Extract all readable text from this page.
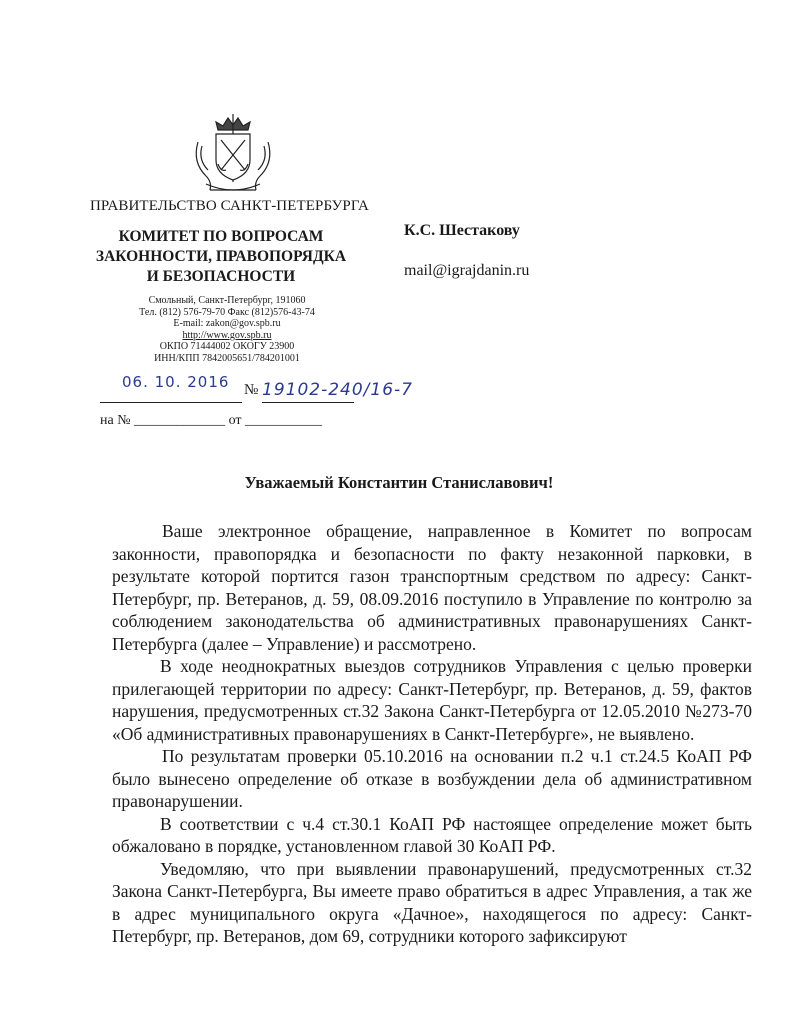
ПРАВИТЕЛЬСТВО САНКТ-ПЕТЕРБУРГА
КОМИТЕТ ПО ВОПРОСАМ
ЗАКОННОСТИ, ПРАВОПОРЯДКА
И БЕЗОПАСНОСТИ
Смольный, Санкт-Петербург, 191060
Тел. (812) 576-79-70 Факс (812)576-43-74
E-mail: zakon@gov.spb.ru
http://www.gov.spb.ru
ОКПО 71444002 ОКОГУ 23900
ИНН/КПП 7842005651/784201001
К.С. Шестакову
mail@igrajdanin.ru
06. 10. 2016 № 19102-240/16-7
на № _____________ от ___________
Уважаемый Константин Станиславович!

Ваше электронное обращение, направленное в Комитет по вопросам законности, правопорядка и безопасности по факту незаконной парковки, в результате которой портится газон транспортным средством по адресу: Санкт-Петербург, пр. Ветеранов, д. 59, 08.09.2016 поступило в Управление по контролю за соблюдением законодательства об административных правонарушениях Санкт-Петербурга (далее – Управление) и рассмотрено.

В ходе неоднократных выездов сотрудников Управления с целью проверки прилегающей территории по адресу: Санкт-Петербург, пр. Ветеранов, д. 59, фактов нарушения, предусмотренных ст.32 Закона Санкт-Петербурга от 12.05.2010 №273-70 «Об административных правонарушениях в Санкт-Петербурге», не выявлено.

По результатам проверки 05.10.2016 на основании п.2 ч.1 ст.24.5 КоАП РФ было вынесено определение об отказе в возбуждении дела об административном правонарушении.

В соответствии с ч.4 ст.30.1 КоАП РФ настоящее определение может быть обжаловано в порядке, установленном главой 30 КоАП РФ.

Уведомляю, что при выявлении правонарушений, предусмотренных ст.32 Закона Санкт-Петербурга, Вы имеете право обратиться в адрес Управления, а так же в адрес муниципального округа «Дачное», находящегося по адресу: Санкт-Петербург, пр. Ветеранов, дом 69, сотрудники которого зафиксируют
